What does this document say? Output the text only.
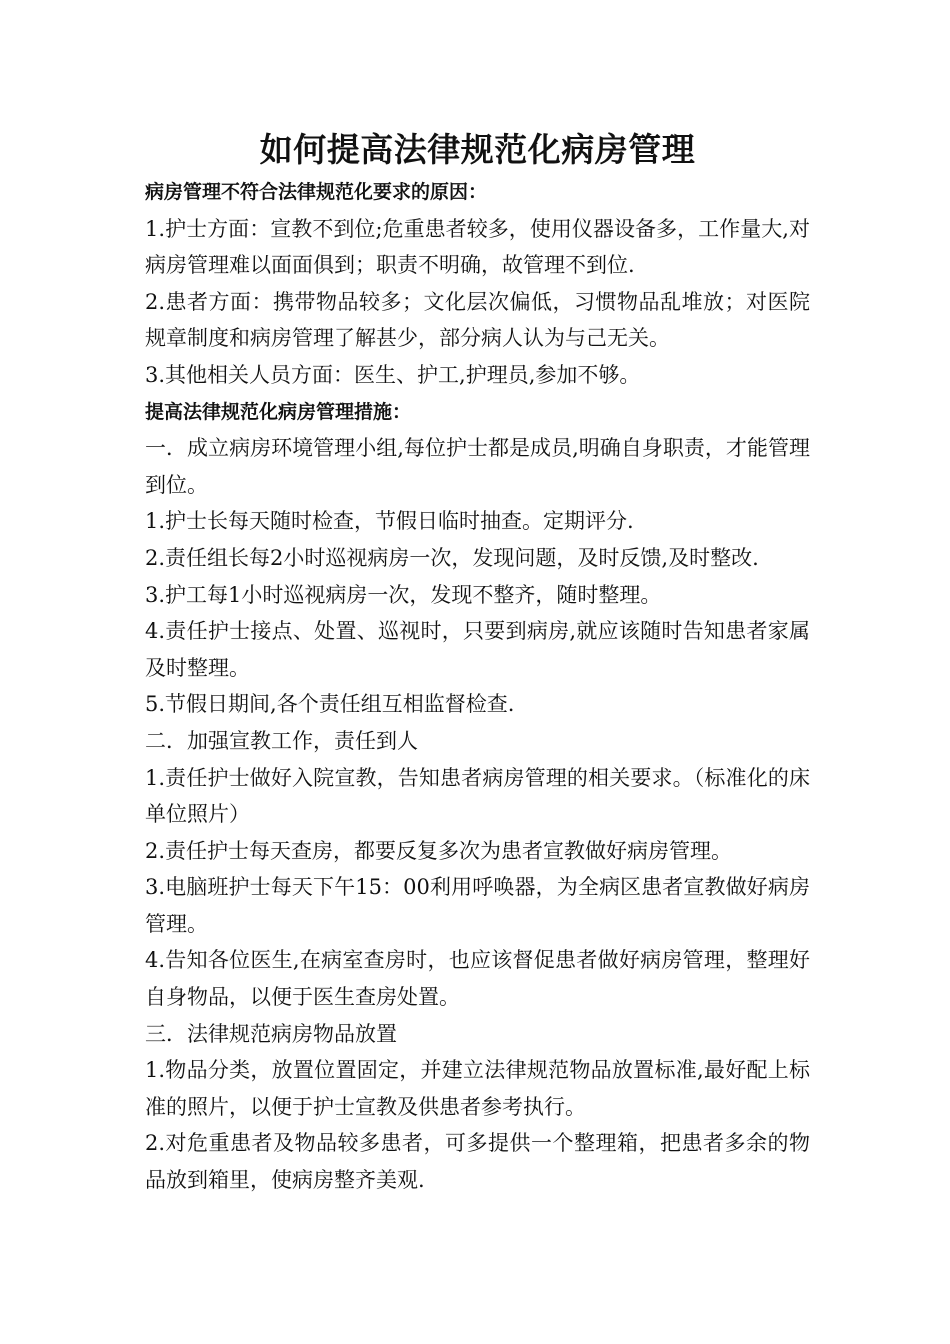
如何提高法律规范化病房管理

病房管理不符合法律规范化要求的原因：

1.护士方面：宣教不到位;危重患者较多，使用仪器设备多，工作量大,对病房管理难以面面俱到；职责不明确，故管理不到位.

2.患者方面：携带物品较多；文化层次偏低，习惯物品乱堆放；对医院规章制度和病房管理了解甚少，部分病人认为与己无关。

3.其他相关人员方面：医生、护工,护理员,参加不够。

提高法律规范化病房管理措施：

一．成立病房环境管理小组,每位护士都是成员,明确自身职责，才能管理到位。

1.护士长每天随时检查，节假日临时抽查。定期评分.

2.责任组长每2小时巡视病房一次，发现问题，及时反馈,及时整改.

3.护工每1小时巡视病房一次，发现不整齐，随时整理。

4.责任护士接点、处置、巡视时，只要到病房,就应该随时告知患者家属及时整理。

5.节假日期间,各个责任组互相监督检查.

二．加强宣教工作，责任到人

1.责任护士做好入院宣教，告知患者病房管理的相关要求。（标准化的床单位照片）

2.责任护士每天查房，都要反复多次为患者宣教做好病房管理。

3.电脑班护士每天下午15：00利用呼唤器，为全病区患者宣教做好病房管理。

4.告知各位医生,在病室查房时，也应该督促患者做好病房管理，整理好自身物品，以便于医生查房处置。

三．法律规范病房物品放置

1.物品分类，放置位置固定，并建立法律规范物品放置标准,最好配上标准的照片，以便于护士宣教及供患者参考执行。

2.对危重患者及物品较多患者，可多提供一个整理箱，把患者多余的物品放到箱里，使病房整齐美观.
